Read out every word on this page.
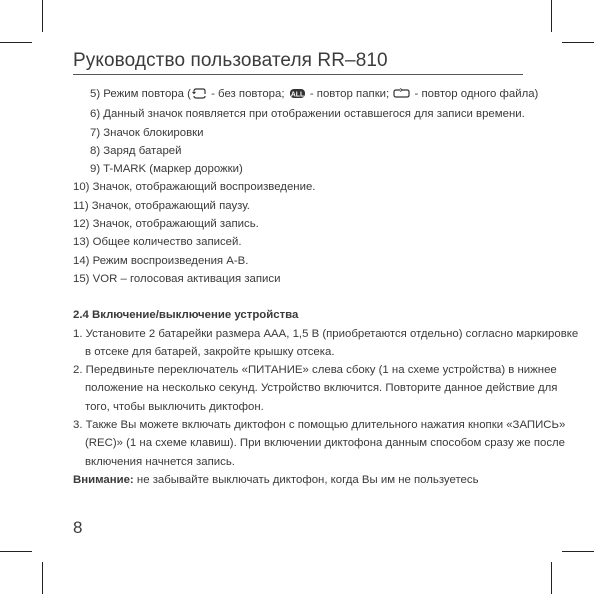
Руководство пользователя RR–810
5) Режим повтора ( - без повтора; ALL - повтор папки;  - повтор одного файла)
6) Данный значок появляется при отображении оставшегося для записи времени.
7) Значок блокировки
8) Заряд батарей
9) T-MARK (маркер дорожки)
10) Значок, отображающий воспроизведение.
11) Значок, отображающий паузу.
12) Значок, отображающий запись.
13) Общее количество записей.
14) Режим воспроизведения А-В.
15) VOR – голосовая активация записи
2.4 Включение/выключение устройства
1. Установите 2 батарейки размера ААА, 1,5 В (приобретаются отдельно) согласно маркировке
в отсеке для батарей, закройте крышку отсека.
2. Передвиньте переключатель «ПИТАНИЕ» слева сбоку (1 на схеме устройства) в нижнее
положение на несколько секунд. Устройство включится. Повторите данное действие для
того, чтобы выключить диктофон.
3. Также Вы можете включать диктофон с помощью длительного нажатия кнопки «ЗАПИСЬ»
(REC)» (1 на схеме клавиш). При включении диктофона данным способом сразу же после
включения начнется запись.
Внимание: не забывайте выключать диктофон, когда Вы им не пользуетесь
8
